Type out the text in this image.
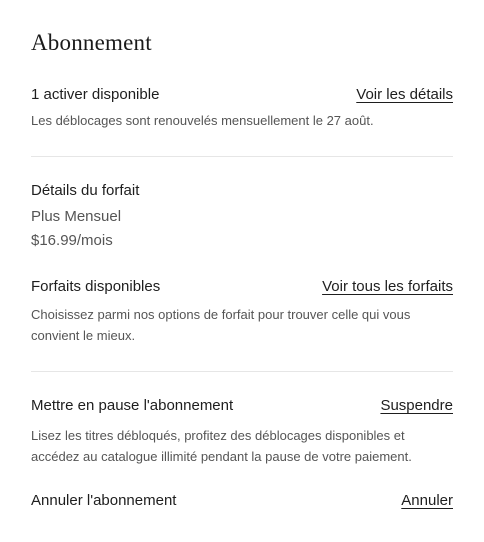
Abonnement
1 activer disponible	Voir les détails
Les déblocages sont renouvelés mensuellement le 27 août.
Détails du forfait
Plus Mensuel
$16.99/mois
Forfaits disponibles	Voir tous les forfaits
Choisissez parmi nos options de forfait pour trouver celle qui vous convient le mieux.
Mettre en pause l'abonnement	Suspendre
Lisez les titres débloqués, profitez des déblocages disponibles et accédez au catalogue illimité pendant la pause de votre paiement.
Annuler l'abonnement	Annuler
